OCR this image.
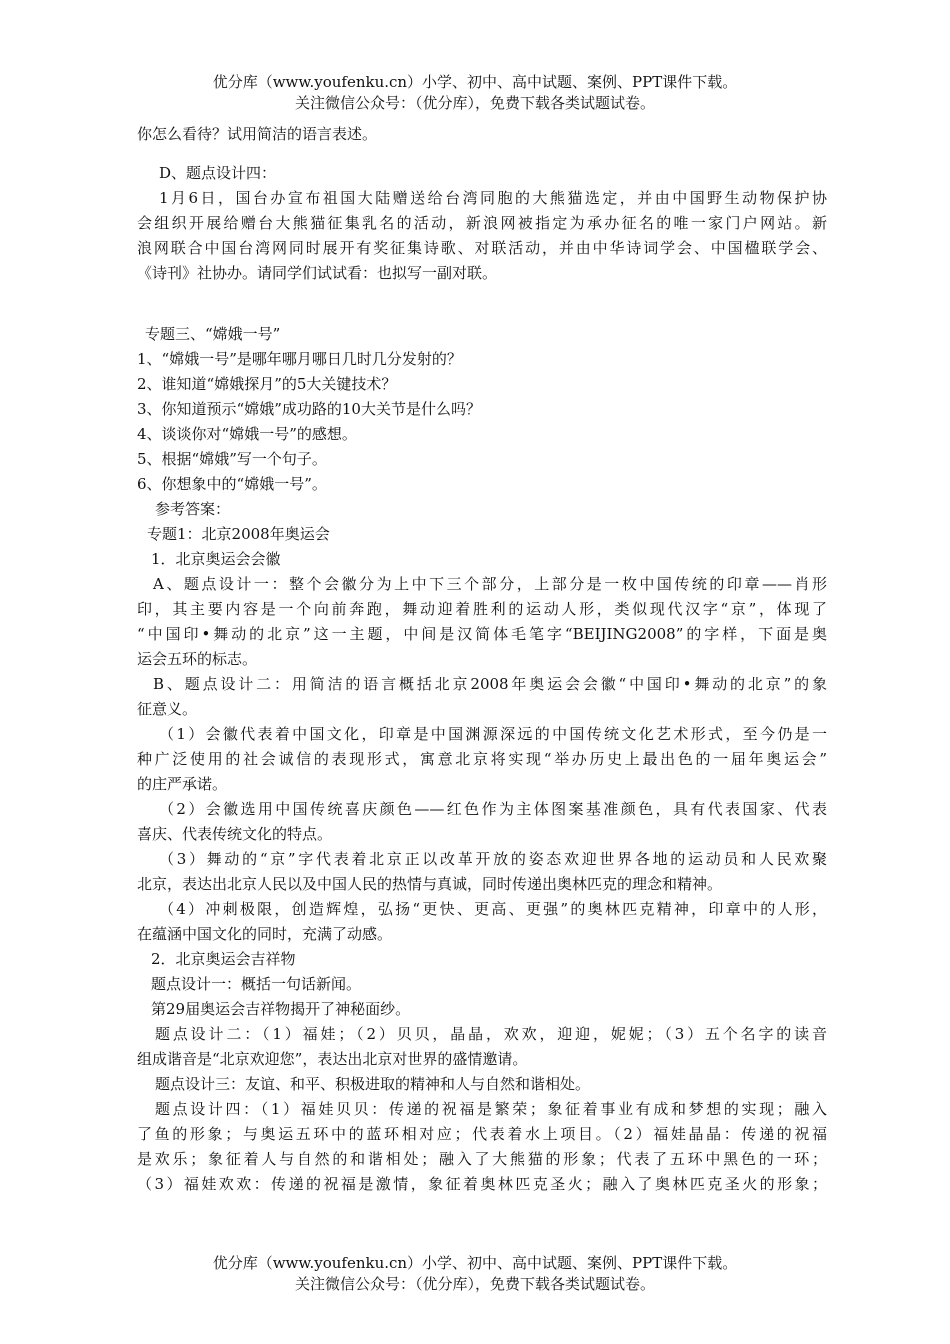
优分库（www.youfenku.cn）小学、初中、高中试题、案例、PPT课件下载。
关注微信公众号：（优分库），免费下载各类试题试卷。
你怎么看待？试用简洁的语言表述。
D、题点设计四：
1月6日，国台办宣布祖国大陆赠送给台湾同胞的大熊猫选定，并由中国野生动物保护协
会组织开展给赠台大熊猫征集乳名的活动，新浪网被指定为承办征名的唯一家门户网站。新
浪网联合中国台湾网同时展开有奖征集诗歌、对联活动，并由中华诗词学会、中国楹联学会、
《诗刊》社协办。请同学们试试看：也拟写一副对联。
专题三、“嫦娥一号”
1、“嫦娥一号”是哪年哪月哪日几时几分发射的？
2、谁知道“嫦娥探月”的5大关键技术？
3、你知道预示“嫦娥”成功路的10大关节是什么吗？
4、谈谈你对“嫦娥一号”的感想。
5、根据“嫦娥”写一个句子。
6、你想象中的“嫦娥一号”。
参考答案：
专题1：北京2008年奥运会
1．北京奥运会会徽
A、题点设计一：整个会徽分为上中下三个部分，上部分是一枚中国传统的印章——肖形
印，其主要内容是一个向前奔跑，舞动迎着胜利的运动人形，类似现代汉字“京”，体现了
“中国印•舞动的北京”这一主题，中间是汉简体毛笔字“BEIJING2008”的字样，下面是奥
运会五环的标志。
B、题点设计二：用简洁的语言概括北京2008年奥运会会徽“中国印•舞动的北京”的象
征意义。
（1）会徽代表着中国文化，印章是中国渊源深远的中国传统文化艺术形式，至今仍是一
种广泛使用的社会诚信的表现形式，寓意北京将实现“举办历史上最出色的一届年奥运会”
的庄严承诺。
（2）会徽选用中国传统喜庆颜色——红色作为主体图案基准颜色，具有代表国家、代表
喜庆、代表传统文化的特点。
（3）舞动的“京”字代表着北京正以改革开放的姿态欢迎世界各地的运动员和人民欢聚
北京，表达出北京人民以及中国人民的热情与真诚，同时传递出奥林匹克的理念和精神。
（4）冲刺极限，创造辉煌，弘扬“更快、更高、更强”的奥林匹克精神，印章中的人形，
在蕴涵中国文化的同时，充满了动感。
2．北京奥运会吉祥物
题点设计一：概括一句话新闻。
第29届奥运会吉祥物揭开了神秘面纱。
题点设计二：（1）福娃；（2）贝贝，晶晶，欢欢，迎迎，妮妮；（3）五个名字的读音
组成谐音是“北京欢迎您”，表达出北京对世界的盛情邀请。
题点设计三：友谊、和平、积极进取的精神和人与自然和谐相处。
题点设计四：（1）福娃贝贝：传递的祝福是繁荣；象征着事业有成和梦想的实现；融入
了鱼的形象；与奥运五环中的蓝环相对应；代表着水上项目。（2）福娃晶晶：传递的祝福
是欢乐；象征着人与自然的和谐相处；融入了大熊猫的形象；代表了五环中黑色的一环；
（3）福娃欢欢：传递的祝福是激情，象征着奥林匹克圣火；融入了奥林匹克圣火的形象；
优分库（www.youfenku.cn）小学、初中、高中试题、案例、PPT课件下载。
关注微信公众号：（优分库），免费下载各类试题试卷。
